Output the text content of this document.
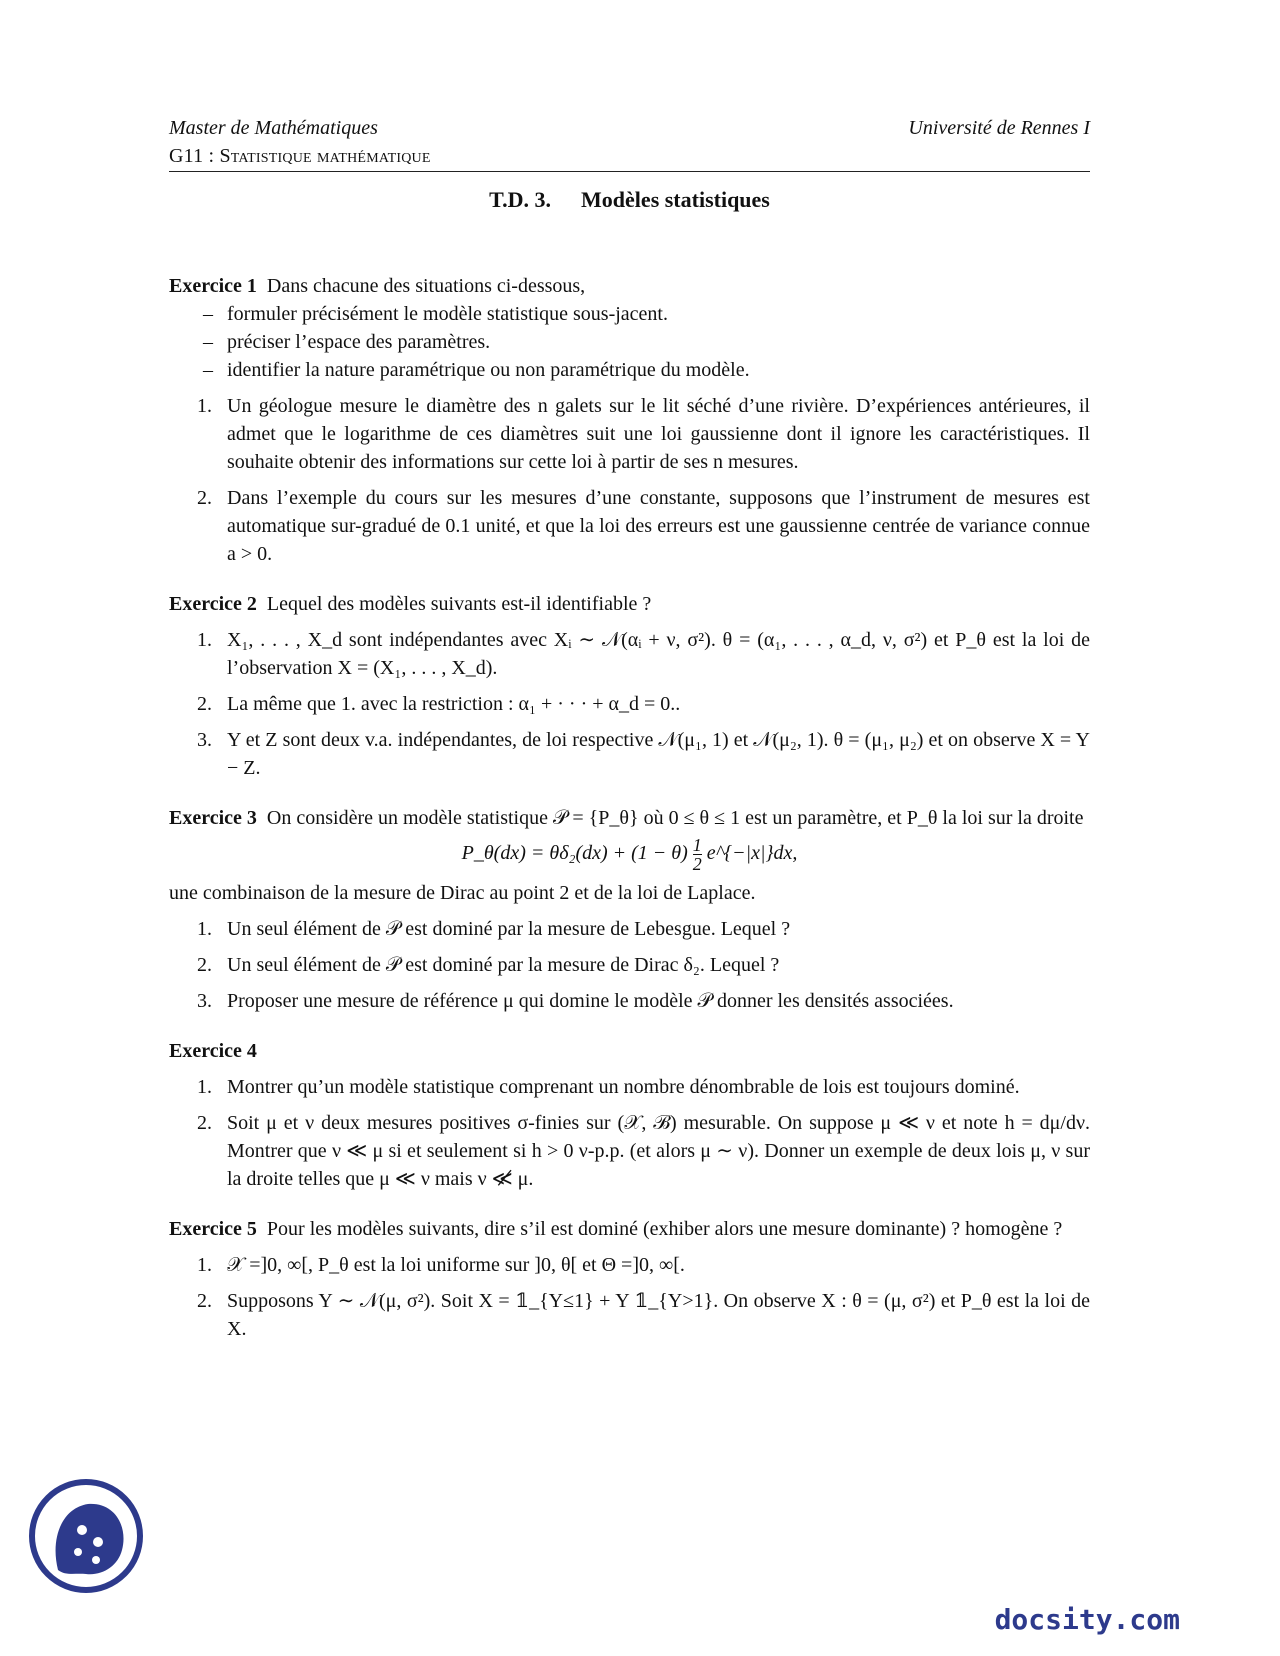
Master de Mathématiques	Université de Rennes I
G11 : Statistique mathématique
T.D. 3. Modèles statistiques

Exercice 1 Dans chacune des situations ci-dessous,

– formuler précisément le modèle statistique sous-jacent.
– préciser l’espace des paramètres.
– identifier la nature paramétrique ou non paramétrique du modèle.
1. Un géologue mesure le diamètre des n galets sur le lit séché d’une rivière. D’expériences antérieures, il admet que le logarithme de ces diamètres suit une loi gaussienne dont il ignore les caractéristiques. Il souhaite obtenir des informations sur cette loi à partir de ses n mesures.
2. Dans l’exemple du cours sur les mesures d’une constante, supposons que l’instrument de mesures est automatique sur-gradué de 0.1 unité, et que la loi des erreurs est une gaussienne centrée de variance connue a > 0.

Exercice 2 Lequel des modèles suivants est-il identifiable ?

1. X₁, . . . , X_d sont indépendantes avec Xᵢ ∼ 𝒩(αᵢ + ν, σ²). θ = (α₁, . . . , α_d, ν, σ²) et P_θ est la loi de l’observation X = (X₁, . . . , X_d).
2. La même que 1. avec la restriction : α₁ + · · · + α_d = 0..
3. Y et Z sont deux v.a. indépendantes, de loi respective 𝒩(μ₁, 1) et 𝒩(μ₂, 1). θ = (μ₁, μ₂) et on observe X = Y − Z.

Exercice 3 On considère un modèle statistique 𝒫 = {P_θ} où 0 ≤ θ ≤ 1 est un paramètre, et P_θ la loi sur la droite

P_θ(dx) = $\theta\delta_2(dx) + (1 - \theta) \frac{1}{2}$ e^{−|x|}dx,

une combinaison de la mesure de Dirac au point 2 et de la loi de Laplace.

1. Un seul élément de 𝒫 est dominé par la mesure de Lebesgue. Lequel ?
2. Un seul élément de 𝒫 est dominé par la mesure de Dirac δ₂. Lequel ?
3. Proposer une mesure de référence μ qui domine le modèle 𝒫 donner les densités associées.

Exercice 4

1. Montrer qu’un modèle statistique comprenant un nombre dénombrable de lois est toujours dominé.
2. Soit μ et ν deux mesures positives σ-finies sur (𝒳, ℬ) mesurable. On suppose μ ≪ ν et note h = dμ/dν. Montrer que ν ≪ μ si et seulement si h > 0 ν-p.p. (et alors μ ∼ ν). Donner un exemple de deux lois μ, ν sur la droite telles que μ ≪ ν mais ν ≪̸ μ.

Exercice 5 Pour les modèles suivants, dire s’il est dominé (exhiber alors une mesure dominante) ? homogène ?

1. 𝒳 =]0, ∞[, P_θ est la loi uniforme sur ]0, θ[ et Θ =]0, ∞[.
2. Supposons Y ∼ 𝒩(μ, σ²). Soit X = 𝟙_{Y≤1} + Y 𝟙_{Y>1}. On observe X : θ = (μ, σ²) et P_θ est la loi de X.
docsity.com
